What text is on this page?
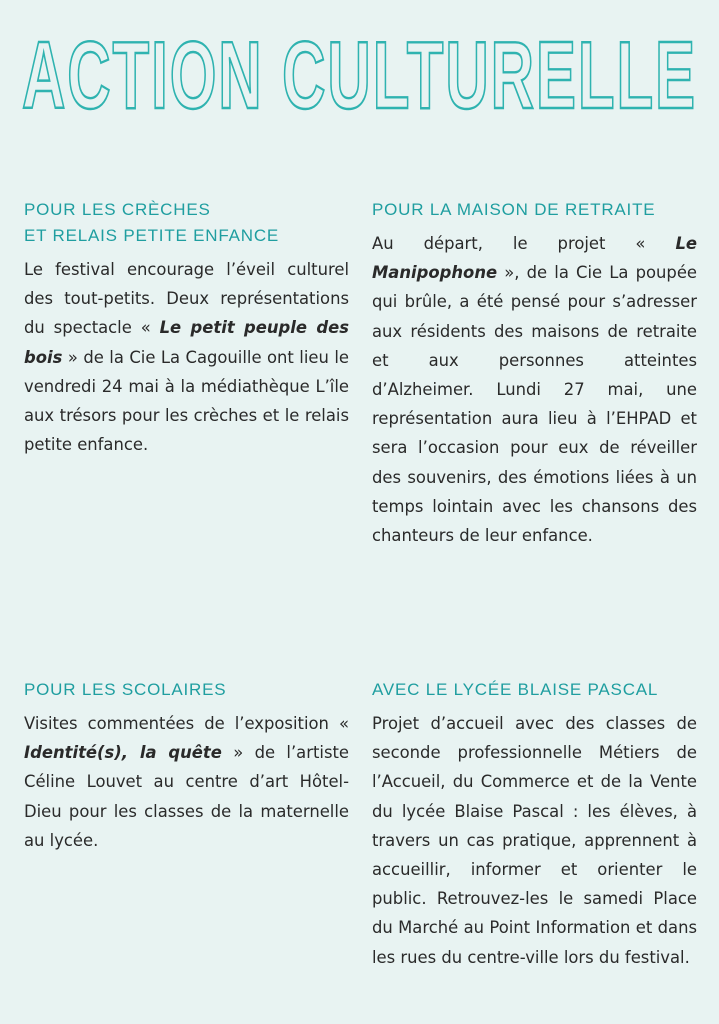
ACTION CULTURELLE
POUR LES CRÈCHES
ET RELAIS PETITE ENFANCE

Le festival encourage l’éveil culturel des tout-petits. Deux représentations du spectacle « Le petit peuple des bois » de la Cie La Cagouille ont lieu le vendredi 24 mai à la médiathèque L’île aux trésors pour les crèches et le relais petite enfance.

POUR LA MAISON DE RETRAITE

Au départ, le projet « Le Manipophone », de la Cie La poupée qui brûle, a été pensé pour s’adresser aux résidents des maisons de retraite et aux personnes atteintes d’Alzheimer. Lundi 27 mai, une représentation aura lieu à l’EHPAD et sera l’occasion pour eux de réveiller des souvenirs, des émotions liées à un temps lointain avec les chansons des chanteurs de leur enfance.

POUR LES SCOLAIRES

Visites commentées de l’exposition « Identité(s), la quête » de l’artiste Céline Louvet au centre d’art Hôtel-Dieu pour les classes de la maternelle au lycée.

AVEC LE LYCÉE BLAISE PASCAL

Projet d’accueil avec des classes de seconde professionnelle Métiers de l’Accueil, du Commerce et de la Vente du lycée Blaise Pascal : les élèves, à travers un cas pratique, apprennent à accueillir, informer et orienter le public. Retrouvez-les le samedi Place du Marché au Point Information et dans les rues du centre-ville lors du festival.
